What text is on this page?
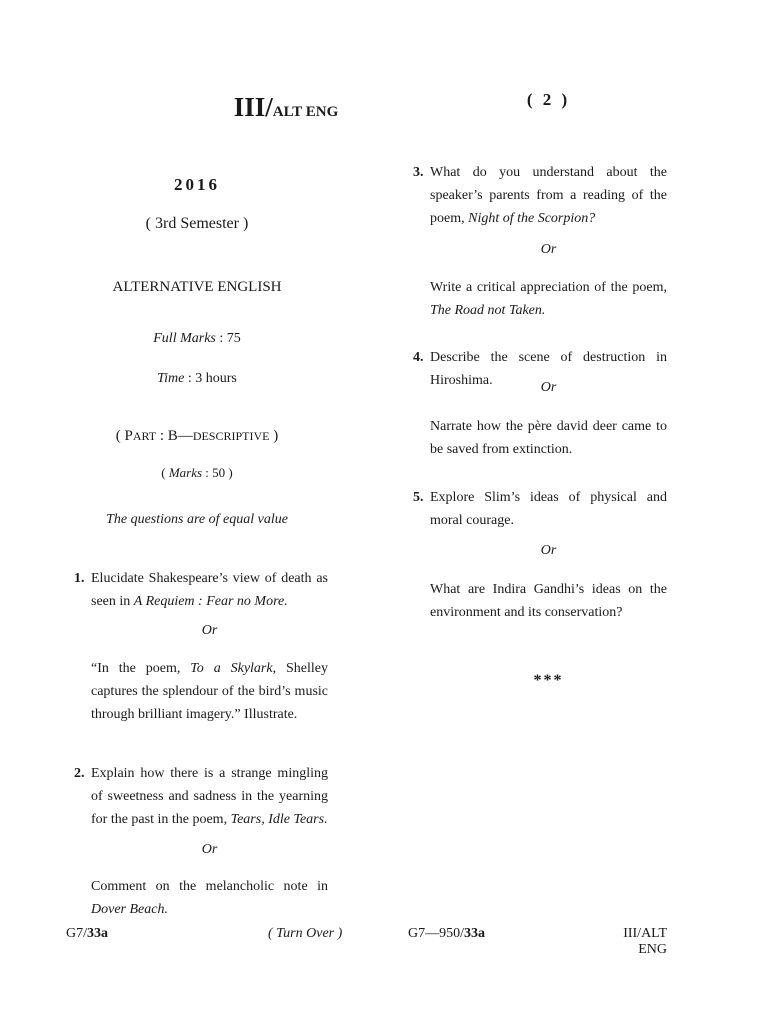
III/ALT ENG
2016
( 3rd Semester )
ALTERNATIVE ENGLISH
Full Marks : 75
Time : 3 hours
( PART : B—DESCRIPTIVE )
( Marks : 50 )
The questions are of equal value
1. Elucidate Shakespeare’s view of death as seen in A Requiem : Fear no More.
Or
“In the poem, To a Skylark, Shelley captures the splendour of the bird’s music through brilliant imagery.” Illustrate.
2. Explain how there is a strange mingling of sweetness and sadness in the yearning for the past in the poem, Tears, Idle Tears.
Or
Comment on the melancholic note in Dover Beach.
( 2 )
3. What do you understand about the speaker’s parents from a reading of the poem, Night of the Scorpion?
Or
Write a critical appreciation of the poem, The Road not Taken.
4. Describe the scene of destruction in Hiroshima.	Or
Narrate how the père david deer came to be saved from extinction.
5. Explore Slim’s ideas of physical and moral courage.
Or
What are Indira Gandhi’s ideas on the environment and its conservation?
***
G7/33a	( Turn Over )	G7—950/33a	III/ALT ENG
